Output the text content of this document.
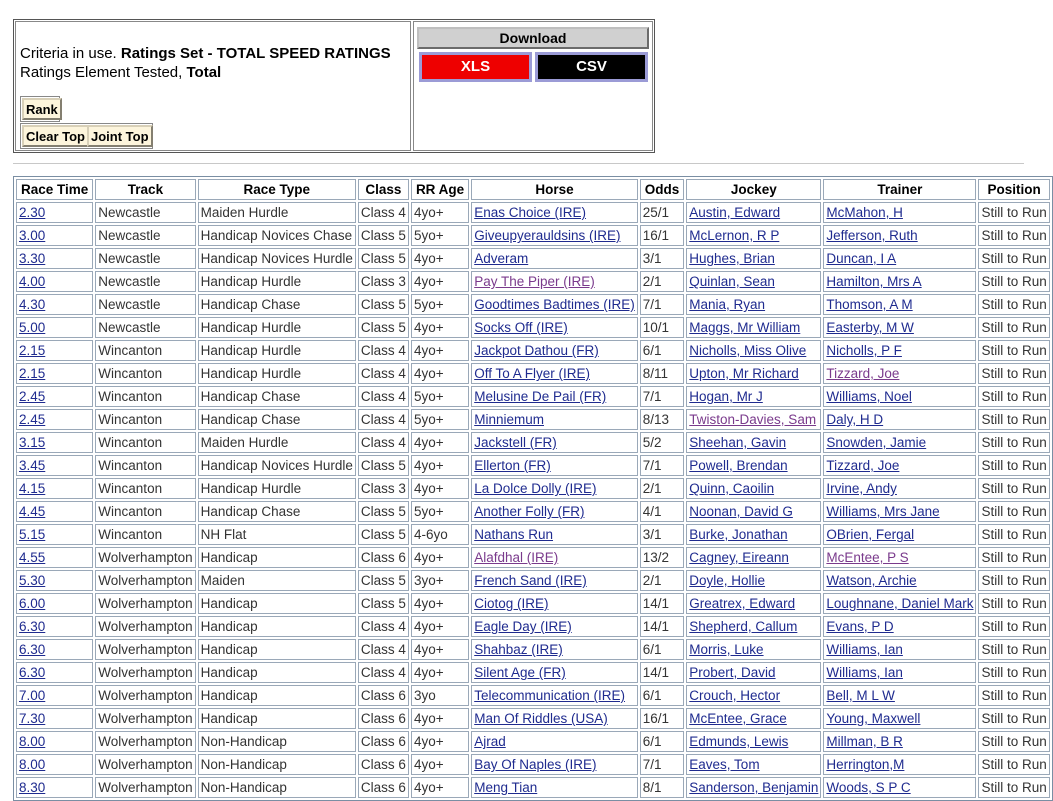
Criteria in use. Ratings Set - TOTAL SPEED RATINGS
Ratings Element Tested, Total
Rank
Clear Top Joint Top
Download
XLS	CSV
Race Time	Track	Race Type	Class	RR Age	Horse	Odds	Jockey	Trainer	Position
2.30	Newcastle	Maiden Hurdle	Class 4	4yo+	Enas Choice (IRE)	25/1	Austin, Edward	McMahon, H	Still to Run
3.00	Newcastle	Handicap Novices Chase	Class 5	5yo+	Giveupyerauldsins (IRE)	16/1	McLernon, R P	Jefferson, Ruth	Still to Run
3.30	Newcastle	Handicap Novices Hurdle	Class 5	4yo+	Adveram	3/1	Hughes, Brian	Duncan, I A	Still to Run
4.00	Newcastle	Handicap Hurdle	Class 3	4yo+	Pay The Piper (IRE)	2/1	Quinlan, Sean	Hamilton, Mrs A	Still to Run
4.30	Newcastle	Handicap Chase	Class 5	5yo+	Goodtimes Badtimes (IRE)	7/1	Mania, Ryan	Thomson, A M	Still to Run
5.00	Newcastle	Handicap Hurdle	Class 5	4yo+	Socks Off (IRE)	10/1	Maggs, Mr William	Easterby, M W	Still to Run
2.15	Wincanton	Handicap Hurdle	Class 4	4yo+	Jackpot Dathou (FR)	6/1	Nicholls, Miss Olive	Nicholls, P F	Still to Run
2.15	Wincanton	Handicap Hurdle	Class 4	4yo+	Off To A Flyer (IRE)	8/11	Upton, Mr Richard	Tizzard, Joe	Still to Run
2.45	Wincanton	Handicap Chase	Class 4	5yo+	Melusine De Pail (FR)	7/1	Hogan, Mr J	Williams, Noel	Still to Run
2.45	Wincanton	Handicap Chase	Class 4	5yo+	Minniemum	8/13	Twiston-Davies, Sam	Daly, H D	Still to Run
3.15	Wincanton	Maiden Hurdle	Class 4	4yo+	Jackstell (FR)	5/2	Sheehan, Gavin	Snowden, Jamie	Still to Run
3.45	Wincanton	Handicap Novices Hurdle	Class 5	4yo+	Ellerton (FR)	7/1	Powell, Brendan	Tizzard, Joe	Still to Run
4.15	Wincanton	Handicap Hurdle	Class 3	4yo+	La Dolce Dolly (IRE)	2/1	Quinn, Caoilin	Irvine, Andy	Still to Run
4.45	Wincanton	Handicap Chase	Class 5	5yo+	Another Folly (FR)	4/1	Noonan, David G	Williams, Mrs Jane	Still to Run
5.15	Wincanton	NH Flat	Class 5	4-6yo	Nathans Run	3/1	Burke, Jonathan	OBrien, Fergal	Still to Run
4.55	Wolverhampton	Handicap	Class 6	4yo+	Alafdhal (IRE)	13/2	Cagney, Eireann	McEntee, P S	Still to Run
5.30	Wolverhampton	Maiden	Class 5	3yo+	French Sand (IRE)	2/1	Doyle, Hollie	Watson, Archie	Still to Run
6.00	Wolverhampton	Handicap	Class 5	4yo+	Ciotog (IRE)	14/1	Greatrex, Edward	Loughnane, Daniel Mark	Still to Run
6.30	Wolverhampton	Handicap	Class 4	4yo+	Eagle Day (IRE)	14/1	Shepherd, Callum	Evans, P D	Still to Run
6.30	Wolverhampton	Handicap	Class 4	4yo+	Shahbaz (IRE)	6/1	Morris, Luke	Williams, Ian	Still to Run
6.30	Wolverhampton	Handicap	Class 4	4yo+	Silent Age (FR)	14/1	Probert, David	Williams, Ian	Still to Run
7.00	Wolverhampton	Handicap	Class 6	3yo	Telecommunication (IRE)	6/1	Crouch, Hector	Bell, M L W	Still to Run
7.30	Wolverhampton	Handicap	Class 6	4yo+	Man Of Riddles (USA)	16/1	McEntee, Grace	Young, Maxwell	Still to Run
8.00	Wolverhampton	Non-Handicap	Class 6	4yo+	Ajrad	6/1	Edmunds, Lewis	Millman, B R	Still to Run
8.00	Wolverhampton	Non-Handicap	Class 6	4yo+	Bay Of Naples (IRE)	7/1	Eaves, Tom	Herrington,M	Still to Run
8.30	Wolverhampton	Non-Handicap	Class 6	4yo+	Meng Tian	8/1	Sanderson, Benjamin	Woods, S P C	Still to Run
